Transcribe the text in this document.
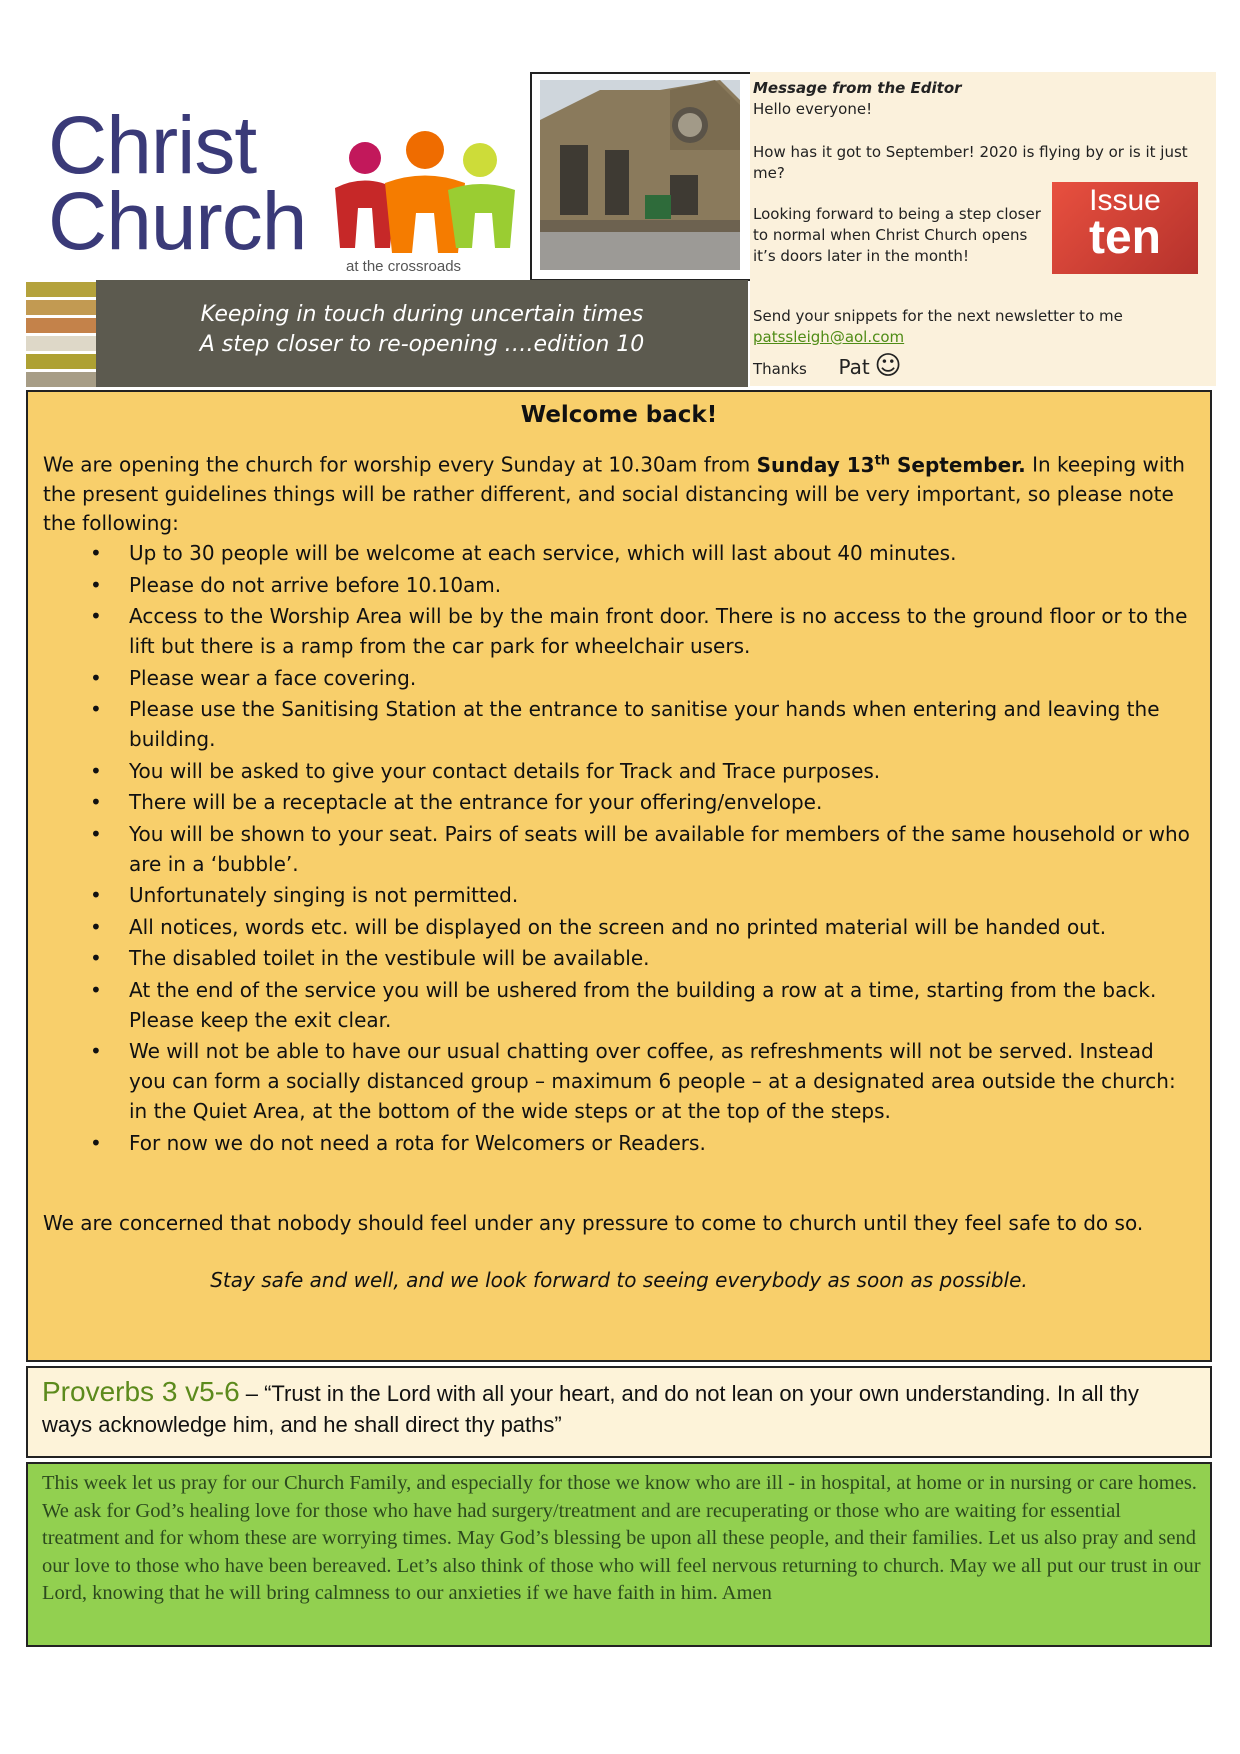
Christ
Church	at the crossroads

Message from the Editor

Hello everyone!

How has it got to September! 2020 is flying by or is it just me?

Looking forward to being a step closer to normal when Christ Church opens it’s doors later in the month!

Send your snippets for the next newsletter to me

patssleigh@aol.com

Thanks Pat ☺

Issue
ten
Keeping in touch during uncertain times
A step closer to re-opening ….edition 10
Welcome back!
We are opening the church for worship every Sunday at 10.30am from Sunday 13th September. In keeping with the present guidelines things will be rather different, and social distancing will be very important, so please note the following:
• Up to 30 people will be welcome at each service, which will last about 40 minutes.
• Please do not arrive before 10.10am.
• Access to the Worship Area will be by the main front door. There is no access to the ground floor or to the lift but there is a ramp from the car park for wheelchair users.
• Please wear a face covering.
• Please use the Sanitising Station at the entrance to sanitise your hands when entering and leaving the building.
• You will be asked to give your contact details for Track and Trace purposes.
• There will be a receptacle at the entrance for your offering/envelope.
• You will be shown to your seat. Pairs of seats will be available for members of the same household or who are in a ‘bubble’.
• Unfortunately singing is not permitted.
• All notices, words etc. will be displayed on the screen and no printed material will be handed out.
• The disabled toilet in the vestibule will be available.
• At the end of the service you will be ushered from the building a row at a time, starting from the back. Please keep the exit clear.
• We will not be able to have our usual chatting over coffee, as refreshments will not be served. Instead you can form a socially distanced group – maximum 6 people – at a designated area outside the church: in the Quiet Area, at the bottom of the wide steps or at the top of the steps.
• For now we do not need a rota for Welcomers or Readers.
We are concerned that nobody should feel under any pressure to come to church until they feel safe to do so.
Stay safe and well, and we look forward to seeing everybody as soon as possible.
Proverbs 3 v5-6 – “Trust in the Lord with all your heart, and do not lean on your own understanding. In all thy ways acknowledge him, and he shall direct thy paths”
This week let us pray for our Church Family, and especially for those we know who are ill - in hospital, at home or in nursing or care homes. We ask for God’s healing love for those who have had surgery/treatment and are recuperating or those who are waiting for essential treatment and for whom these are worrying times. May God’s blessing be upon all these people, and their families. Let us also pray and send our love to those who have been bereaved. Let’s also think of those who will feel nervous returning to church. May we all put our trust in our Lord, knowing that he will bring calmness to our anxieties if we have faith in him. Amen
